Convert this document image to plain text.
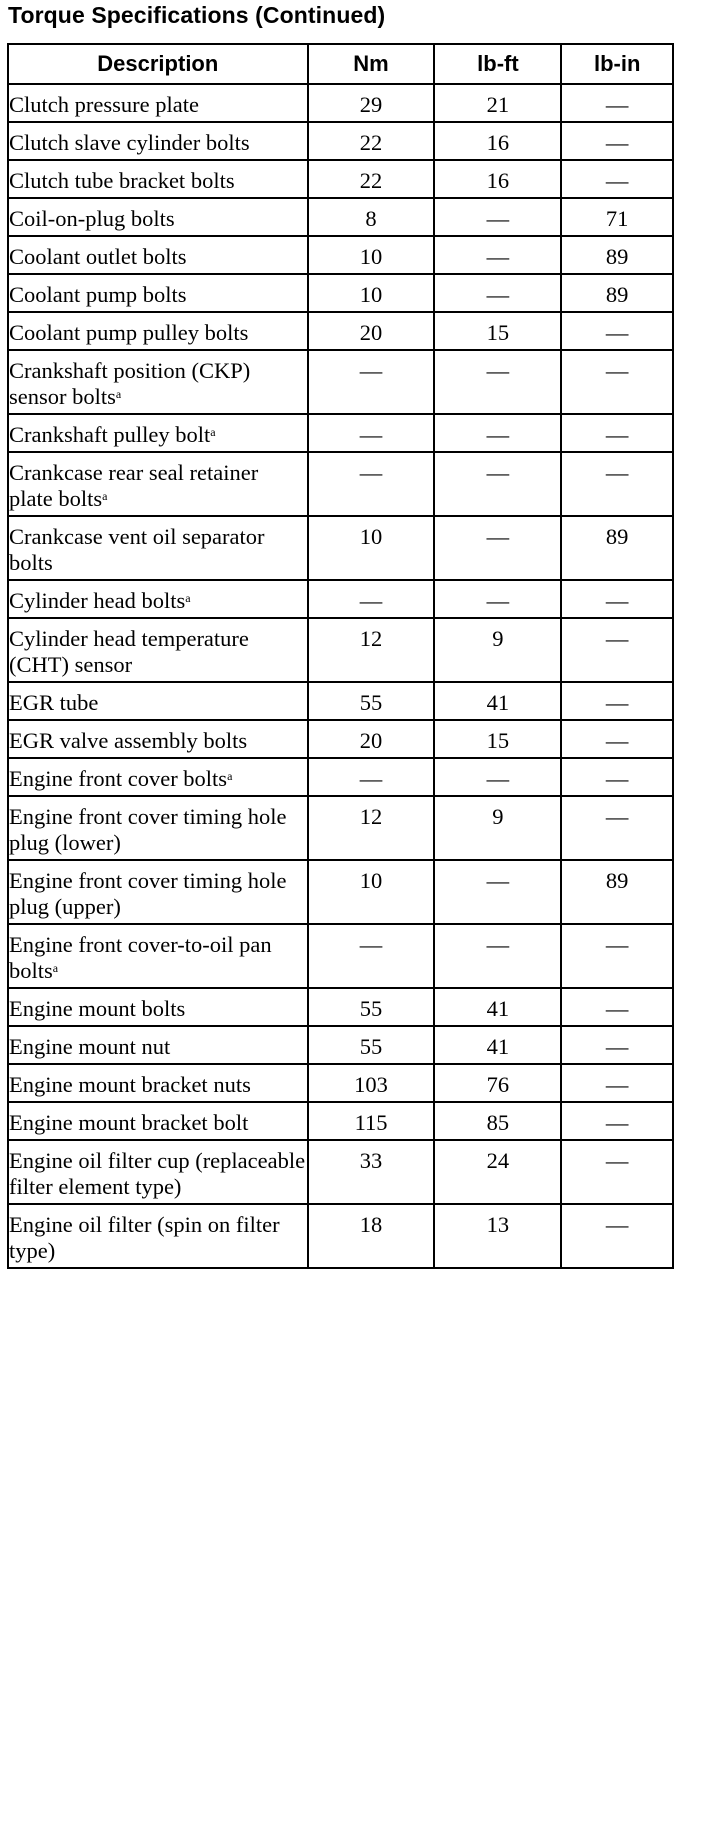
Torque Specifications (Continued)
Description	Nm	lb-ft	lb-in
Clutch pressure plate	29	21	—
Clutch slave cylinder bolts	22	16	—
Clutch tube bracket bolts	22	16	—
Coil-on-plug bolts	8	—	71
Coolant outlet bolts	10	—	89
Coolant pump bolts	10	—	89
Coolant pump pulley bolts	20	15	—
Crankshaft position (CKP) sensor bolts$^a$	—	—	—
Crankshaft pulley bolt$^a$	—	—	—
Crankcase rear seal retainer plate bolts$^a$	—	—	—
Crankcase vent oil separator bolts	10	—	89
Cylinder head bolts$^a$	—	—	—
Cylinder head temperature (CHT) sensor	12	9	—
EGR tube	55	41	—
EGR valve assembly bolts	20	15	—
Engine front cover bolts$^a$	—	—	—
Engine front cover timing hole plug (lower)	12	9	—
Engine front cover timing hole plug (upper)	10	—	89
Engine front cover-to-oil pan bolts$^a$	—	—	—
Engine mount bolts	55	41	—
Engine mount nut	55	41	—
Engine mount bracket nuts	103	76	—
Engine mount bracket bolt	115	85	—
Engine oil filter cup (replaceable filter element type)	33	24	—
Engine oil filter (spin on filter type)	18	13	—
